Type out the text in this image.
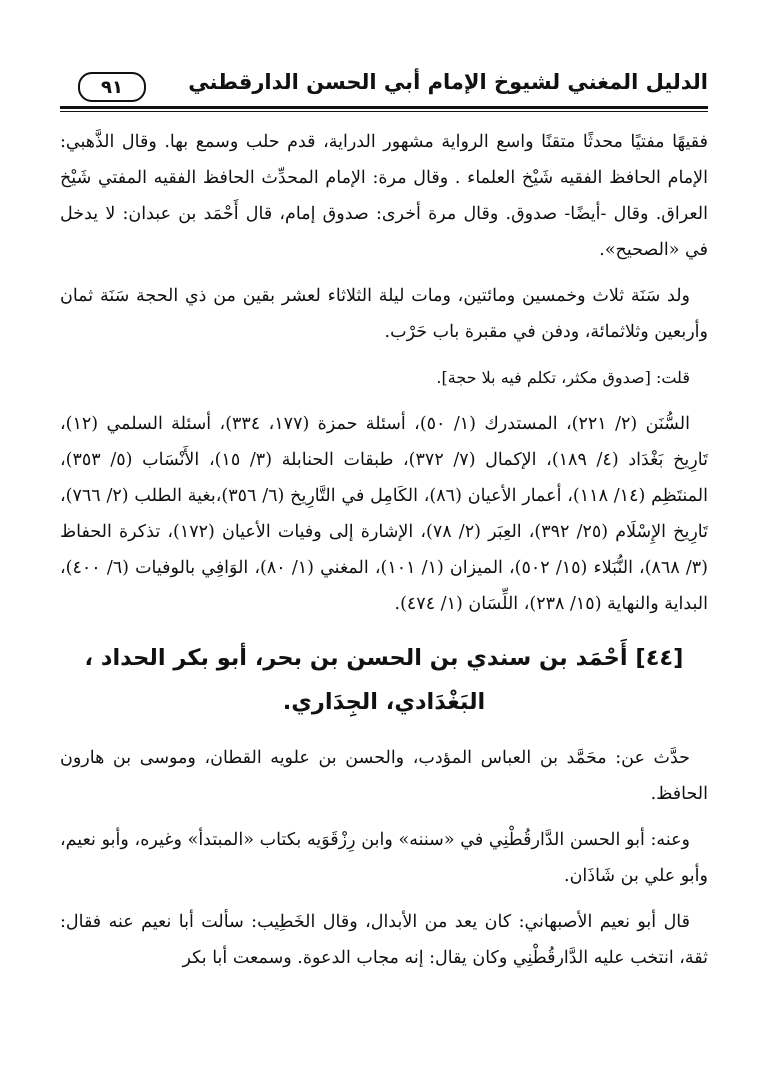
الدليل المغني لشيوخ الإمام أبي الحسن الدارقطني
٩١

فقيهًا مفتيًا محدثًا متقنًا واسع الرواية مشهور الدراية، قدم حلب وسمع بها. وقال الذَّهبي: الإمام الحافظ الفقيه شَيْخ العلماء . وقال مرة: الإمام المحدِّث الحافظ الفقيه المفتي شَيْخ العراق. وقال -أيضًا- صدوق. وقال مرة أخرى: صدوق إمام، قال أَحْمَد بن عبدان: لا يدخل في «الصحيح».

ولد سَنَة ثلاث وخمسين ومائتين، ومات ليلة الثلاثاء لعشر بقين من ذي الحجة سَنَة ثمان وأربعين وثلاثمائة، ودفن في مقبرة باب حَرْب.

قلت: [صدوق مكثر، تكلم فيه بلا حجة].

السُّنَن (٢/ ٢٢١)، المستدرك (١/ ٥٠)، أسئلة حمزة (١٧٧، ٣٣٤)، أسئلة السلمي (١٢)، تَارِيخ بَغْدَاد (٤/ ١٨٩)، الإكمال (٧/ ٣٧٢)، طبقات الحنابلة (٣/ ١٥)، الأَنْسَاب (٥/ ٣٥٣)، المنتَظِم (١٤/ ١١٨)، أعمار الأعيان (٨٦)، الكَامِل في التَّارِيخ (٦/ ٣٥٦)،بغية الطلب (٢/ ٧٦٦)، تَارِيخ الإِسْلَام (٢٥/ ٣٩٢)، العِبَر (٢/ ٧٨)، الإشارة إلى وفيات الأعيان (١٧٢)، تذكرة الحفاظ (٣/ ٨٦٨)، النُّبَلاء (١٥/ ٥٠٢)، الميزان (١/ ١٠١)، المغني (١/ ٨٠)، الوَافِي بالوفيات (٦/ ٤٠٠)، البداية والنهاية (١٥/ ٢٣٨)، اللِّسَان (١/ ٤٧٤).

[٤٤] أَحْمَد بن سندي بن الحسن بن بحر، أبو بكر الحداد ،
البَغْدَادي، الجِدَاري.

حدَّث عن: محَمَّد بن العباس المؤدب، والحسن بن علويه القطان، وموسى بن هارون الحافظ.

وعنه: أبو الحسن الدَّارقُطْنِي في «سننه» وابن رِزْقَوَيه بكتاب «المبتدأ» وغيره، وأبو نعيم، وأبو علي بن شَاذَان.

قال أبو نعيم الأصبهاني: كان يعد من الأبدال، وقال الخَطِيب: سألت أبا نعيم عنه فقال: ثقة، انتخب عليه الدَّارقُطْنِي وكان يقال: إنه مجاب الدعوة. وسمعت أبا بكر
